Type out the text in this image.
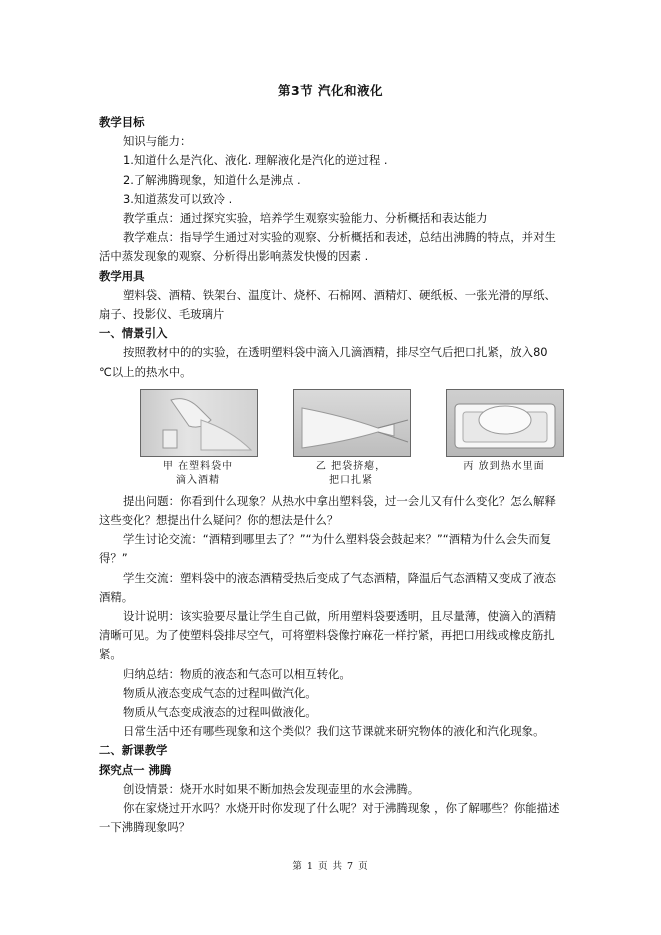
第3节 汽化和液化

教学目标

知识与能力：

1.知道什么是汽化、液化. 理解液化是汽化的逆过程 .

2.了解沸腾现象，知道什么是沸点 .

3.知道蒸发可以致冷 .

教学重点：通过探究实验，培养学生观察实验能力、分析概括和表达能力

教学难点：指导学生通过对实验的观察、分析概括和表述，总结出沸腾的特点，并对生活中蒸发现象的观察、分析得出影响蒸发快慢的因素 .

教学用具

塑料袋、酒精、铁架台、温度计、烧杯、石棉网、酒精灯、硬纸板、一张光滑的厚纸、扇子、投影仪、毛玻璃片

一、情景引入

按照教材中的的实验，在透明塑料袋中滴入几滴酒精，排尽空气后把口扎紧，放入80 ℃以上的热水中。

甲 在塑料袋中
滴入酒精
乙 把袋挤瘪，
把口扎紧
丙 放到热水里面

提出问题：你看到什么现象？从热水中拿出塑料袋，过一会儿又有什么变化？怎么解释这些变化？想提出什么疑问？你的想法是什么？

学生讨论交流：“酒精到哪里去了？”“为什么塑料袋会鼓起来？”“酒精为什么会失而复得？”

学生交流：塑料袋中的液态酒精受热后变成了气态酒精，降温后气态酒精又变成了液态酒精。

设计说明：该实验要尽量让学生自己做，所用塑料袋要透明，且尽量薄，使滴入的酒精清晰可见。为了使塑料袋排尽空气，可将塑料袋像拧麻花一样拧紧，再把口用线或橡皮筋扎紧。

归纳总结：物质的液态和气态可以相互转化。

物质从液态变成气态的过程叫做汽化。

物质从气态变成液态的过程叫做液化。

日常生活中还有哪些现象和这个类似？我们这节课就来研究物体的液化和汽化现象。

二、新课教学

探究点一 沸腾

创设情景：烧开水时如果不断加热会发现壶里的水会沸腾。

你在家烧过开水吗？水烧开时你发现了什么呢？对于沸腾现象 ，你了解哪些？你能描述一下沸腾现象吗？

第 1 页 共 7 页
